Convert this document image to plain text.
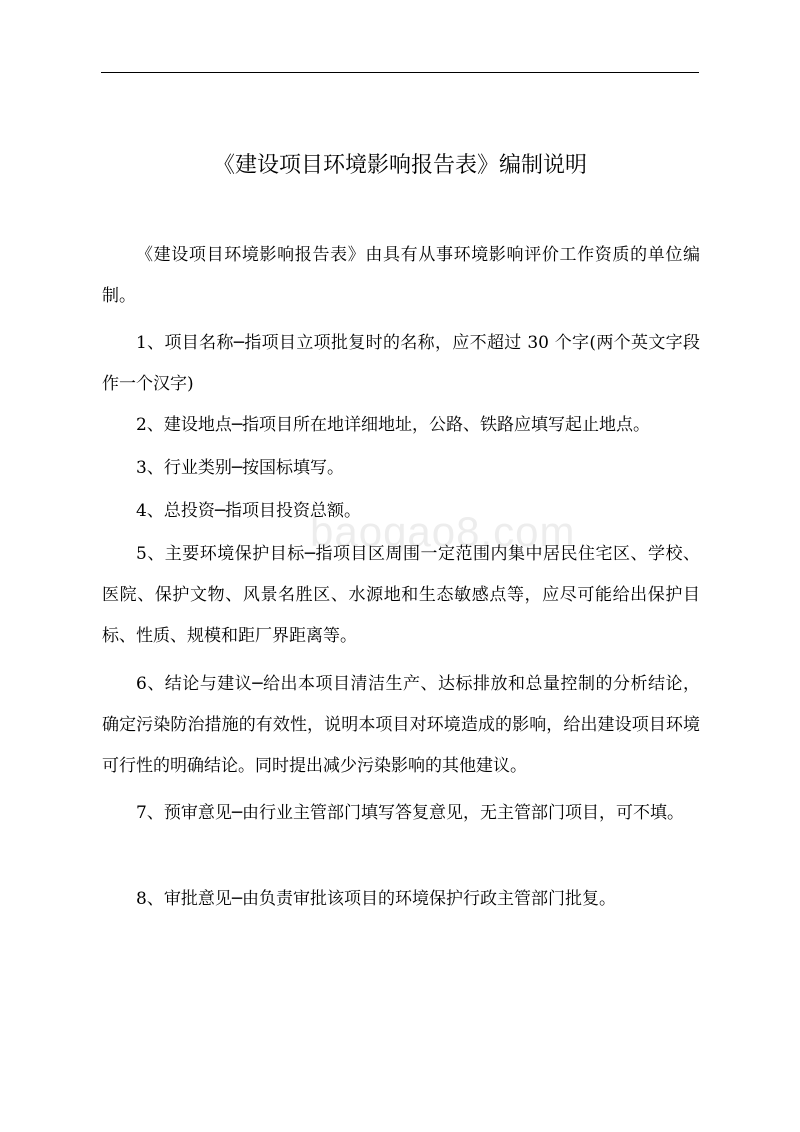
baogao8.com
《建设项目环境影响报告表》编制说明

《建设项目环境影响报告表》由具有从事环境影响评价工作资质的单位编制。

1、项目名称─指项目立项批复时的名称，应不超过 30 个字(两个英文字段作一个汉字)

2、建设地点─指项目所在地详细地址，公路、铁路应填写起止地点。

3、行业类别─按国标填写。

4、总投资─指项目投资总额。

5、主要环境保护目标─指项目区周围一定范围内集中居民住宅区、学校、医院、保护文物、风景名胜区、水源地和生态敏感点等，应尽可能给出保护目标、性质、规模和距厂界距离等。

6、结论与建议─给出本项目清洁生产、达标排放和总量控制的分析结论，确定污染防治措施的有效性，说明本项目对环境造成的影响，给出建设项目环境可行性的明确结论。同时提出减少污染影响的其他建议。

7、预审意见─由行业主管部门填写答复意见，无主管部门项目，可不填。

8、审批意见─由负责审批该项目的环境保护行政主管部门批复。
